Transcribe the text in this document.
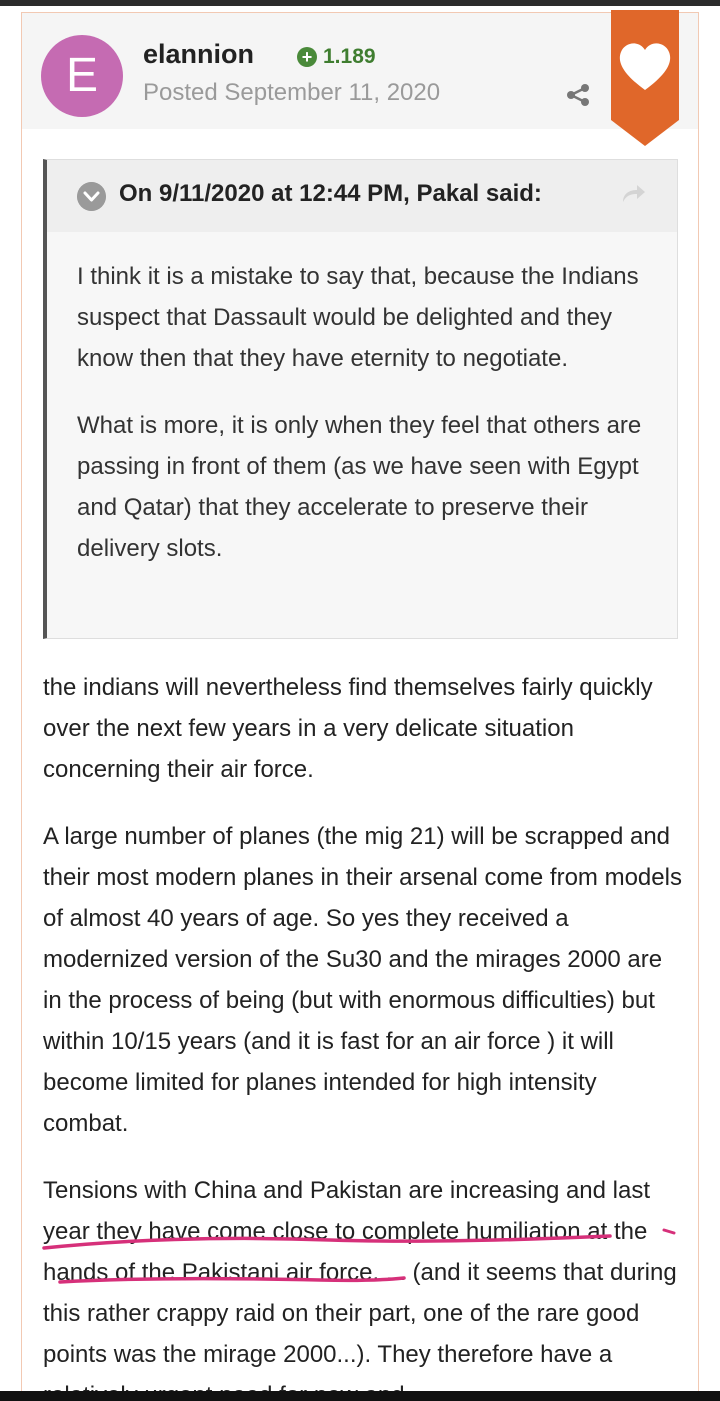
E	elannion	+ 1.189
Posted September 11, 2020
On 9/11/2020 at 12:44 PM, Pakal said:

I think it is a mistake to say that, because the Indians suspect that Dassault would be delighted and they know then that they have eternity to negotiate.

What is more, it is only when they feel that others are passing in front of them (as we have seen with Egypt and Qatar) that they accelerate to preserve their delivery slots.

the indians will nevertheless find themselves fairly quickly over the next few years in a very delicate situation concerning their air force.

A large number of planes (the mig 21) will be scrapped and their most modern planes in their arsenal come from models of almost 40 years of age. So yes they received a modernized version of the Su30 and the mirages 2000 are in the process of being (but with enormous difficulties) but within 10/15 years (and it is fast for an air force ) it will become limited for planes intended for high intensity combat.

Tensions with China and Pakistan are increasing and last year they have come close to complete humiliation at the hands of the Pakistani air force. . . (and it seems that during this rather crappy raid on their part, one of the rare good points was the mirage 2000...). They therefore have a
